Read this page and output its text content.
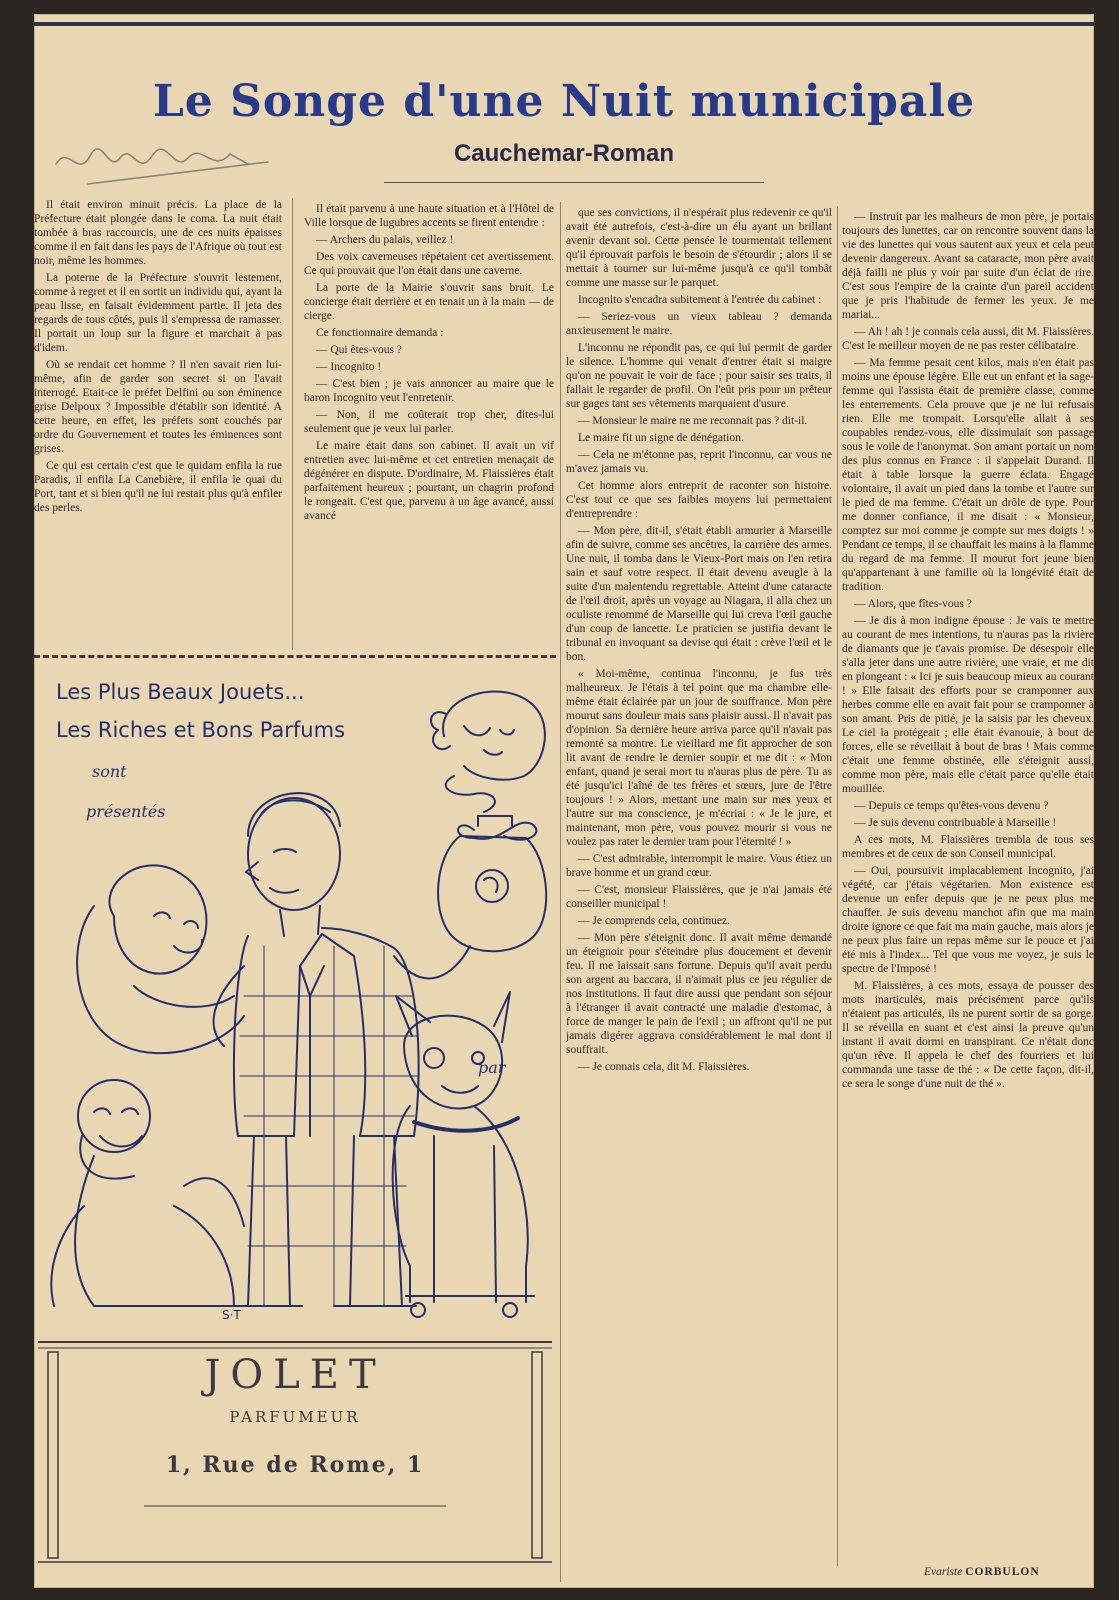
Le Songe d'une Nuit municipale
Cauchemar-Roman

Il était environ minuit précis. La place de la Préfecture était plongée dans le coma. La nuit était tombée à bras raccourcis, une de ces nuits épaisses comme il en fait dans les pays de l'Afrique où tout est noir, même les hommes.

La poterne de la Préfecture s'ouvrit lestement, comme à regret et il en sortit un individu qui, ayant la peau lisse, en faisait évidemment partie. Il jeta des regards de tous côtés, puis il s'empressa de ramasser. Il portait un loup sur la figure et marchait à pas d'idem.

Où se rendait cet homme ? Il n'en savait rien lui-même, afin de garder son secret si on l'avait interrogé. Etait-ce le préfet Delfini ou son éminence grise Delpoux ? Impossible d'établir son identité. A cette heure, en effet, les préfets sont couchés par ordre du Gouvernement et toutes les éminences sont grises.

Ce qui est certain c'est que le quidam enfila la rue Paradis, il enfila La Canebière, il enfila le quai du Port, tant et si bien qu'il ne lui restait plus qu'à enfiler des perles.

Il était parvenu à une haute situation et à l'Hôtel de Ville lorsque de lugubres accents se firent entendre :

— Archers du palais, veillez !

Des voix caverneuses répétaient cet avertissement. Ce qui prouvait que l'on était dans une caverne.

La porte de la Mairie s'ouvrit sans bruit. Le concierge était derrière et en tenait un à la main — de cierge.

Ce fonctionnaire demanda :

— Qui êtes-vous ?

— Incognito !

— C'est bien ; je vais annoncer au maire que le baron Incognito veut l'entretenir.

— Non, il me coûterait trop cher, dites-lui seulement que je veux lui parler.

Le maire était dans son cabinet. Il avait un vif entretien avec lui-même et cet entretien menaçait de dégénérer en dispute. D'ordinaire, M. Flaissières était parfaitement heureux ; pourtant, un chagrin profond le rongeait. C'est que, parvenu à un âge avancé, aussi avancé

que ses convictions, il n'espérait plus redevenir ce qu'il avait été autrefois, c'est-à-dire un élu ayant un brillant avenir devant soi. Cette pensée le tourmentait tellement qu'il éprouvait parfois le besoin de s'étourdir ; alors il se mettait à tourner sur lui-même jusqu'à ce qu'il tombât comme une masse sur le parquet.

Incognito s'encadra subitement à l'entrée du cabinet :

— Seriez-vous un vieux tableau ? demanda anxieusement le maire.

L'inconnu ne répondit pas, ce qui lui permit de garder le silence. L'homme qui venait d'entrer était si maigre qu'on ne pouvait le voir de face ; pour saisir ses traits, il fallait le regarder de profil. On l'eût pris pour un prêteur sur gages tant ses vêtements marquaient d'usure.

— Monsieur le maire ne me reconnait pas ? dit-il.

Le maire fit un signe de dénégation.

— Cela ne m'étonne pas, reprit l'inconnu, car vous ne m'avez jamais vu.

Cet homme alors entreprit de raconter son histoire. C'est tout ce que ses faibles moyens lui permettaient d'entreprendre :

— Mon père, dit-il, s'était établi armurier à Marseille afin de suivre, comme ses ancêtres, la carrière des armes. Une nuit, il tomba dans le Vieux-Port mais on l'en retira sain et sauf votre respect. Il était devenu aveugle à la suite d'un malentendu regrettable. Atteint d'une cataracte de l'œil droit, après un voyage au Niagara, il alla chez un oculiste renommé de Marseille qui lui creva l'œil gauche d'un coup de lancette. Le praticien se justifia devant le tribunal en invoquant sa devise qui était : crève l'œil et le bon.

« Moi-même, continua l'inconnu, je fus très malheureux. Je l'étais à tel point que ma chambre elle-même était éclairée par un jour de souffrance. Mon père mourut sans douleur mais sans plaisir aussi. Il n'avait pas d'opinion. Sa dernière heure arriva parce qu'il n'avait pas remonté sa montre. Le vieillard me fit approcher de son lit avant de rendre le dernier soupir et me dit : « Mon enfant, quand je serai mort tu n'auras plus de père. Tu as été jusqu'ici l'aîné de tes frères et sœurs, jure de l'être toujours ! » Alors, mettant une main sur mes yeux et l'autre sur ma conscience, je m'écriai : « Je le jure, et maintenant, mon père, vous pouvez mourir si vous ne voulez pas rater le dernier tram pour l'éternité ! »

— C'est admirable, interrompit le maire. Vous étiez un brave homme et un grand cœur.

— C'est, monsieur Flaissières, que je n'ai jamais été conseiller municipal !

— Je comprends cela, continuez.

— Mon père s'éteignit donc. Il avait même demandé un éteignoir pour s'éteindre plus doucement et devenir feu. Il me laissait sans fortune. Depuis qu'il avait perdu son argent au baccara, il n'aimait plus ce jeu régulier de nos institutions. Il faut dire aussi que pendant son séjour à l'étranger il avait contracté une maladie d'estomac, à force de manger le pain de l'exil ; un affront qu'il ne put jamais digérer aggrava considérablement le mal dont il souffrait.

— Je connais cela, dit M. Flaissières.

— Instruit par les malheurs de mon père, je portais toujours des lunettes, car on rencontre souvent dans la vie des lunettes qui vous sautent aux yeux et cela peut devenir dangereux. Avant sa cataracte, mon père avait déjà failli ne plus y voir par suite d'un éclat de rire. C'est sous l'empire de la crainte d'un pareil accident que je pris l'habitude de fermer les yeux. Je me mariai...

— Ah ! ah ! je connais cela aussi, dit M. Flaissières. C'est le meilleur moyen de ne pas rester célibataire.

— Ma femme pesait cent kilos, mais n'en était pas moins une épouse légère. Elle eut un enfant et la sage-femme qui l'assista était de première classe, comme les enterrements. Cela prouve que je ne lui refusais rien. Elle me trompait. Lorsqu'elle allait à ses coupables rendez-vous, elle dissimulait son passage sous le voile de l'anonymat. Son amant portait un nom des plus connus en France : il s'appelait Durand. Il était à table lorsque la guerre éclata. Engagé volontaire, il avait un pied dans la tombe et l'autre sur le pied de ma femme. C'était un drôle de type. Pour me donner confiance, il me disait : « Monsieur, comptez sur moi comme je compte sur mes doigts ! » Pendant ce temps, il se chauffait les mains à la flamme du regard de ma femme. Il mourut fort jeune bien qu'appartenant à une famille où la longévité était de tradition.

— Alors, que fîtes-vous ?

— Je dis à mon indigne épouse : Je vais te mettre au courant de mes intentions, tu n'auras pas la rivière de diamants que je t'avais promise. De désespoir elle s'alla jeter dans une autre rivière, une vraie, et me dit en plongeant : « Ici je suis beaucoup mieux au courant ! » Elle faisait des efforts pour se cramponner aux herbes comme elle en avait fait pour se cramponner à son amant. Pris de pitié, je la saisis par les cheveux. Le ciel la protégeait ; elle était évanouie, à bout de forces, elle se réveillait à bout de bras ! Mais comme c'était une femme obstinée, elle s'éteignit aussi, comme mon père, mais elle c'était parce qu'elle était mouillée.

— Depuis ce temps qu'êtes-vous devenu ?

— Je suis devenu contribuable à Marseille !

A ces mots, M. Flaissières trembla de tous ses membres et de ceux de son Conseil municipal.

— Oui, poursuivit implacablement Incognito, j'ai végété, car j'étais végétarien. Mon existence est devenue un enfer depuis que je ne peux plus me chauffer. Je suis devenu manchot afin que ma main droite ignore ce que fait ma main gauche, mais alors je ne peux plus faire un repas même sur le pouce et j'ai été mis à l'index... Tel que vous me voyez, je suis le spectre de l'Imposé !

M. Flaissières, à ces mots, essaya de pousser des mots inarticulés, mais précisément parce qu'ils n'étaient pas articulés, ils ne purent sortir de sa gorge. Il se réveilla en suant et c'est ainsi la preuve qu'un instant il avait dormi en transpirant. Ce n'était donc qu'un rêve. Il appela le chef des fourriers et lui commanda une tasse de thé : « De cette façon, dit-il, ce sera le songe d'une nuit de thé ».

Les Plus Beaux Jouets...
Les Riches et Bons Parfums
sont
présentés
par
S·T
JOLET
PARFUMEUR
1, Rue de Rome, 1
Evariste CORBULON
